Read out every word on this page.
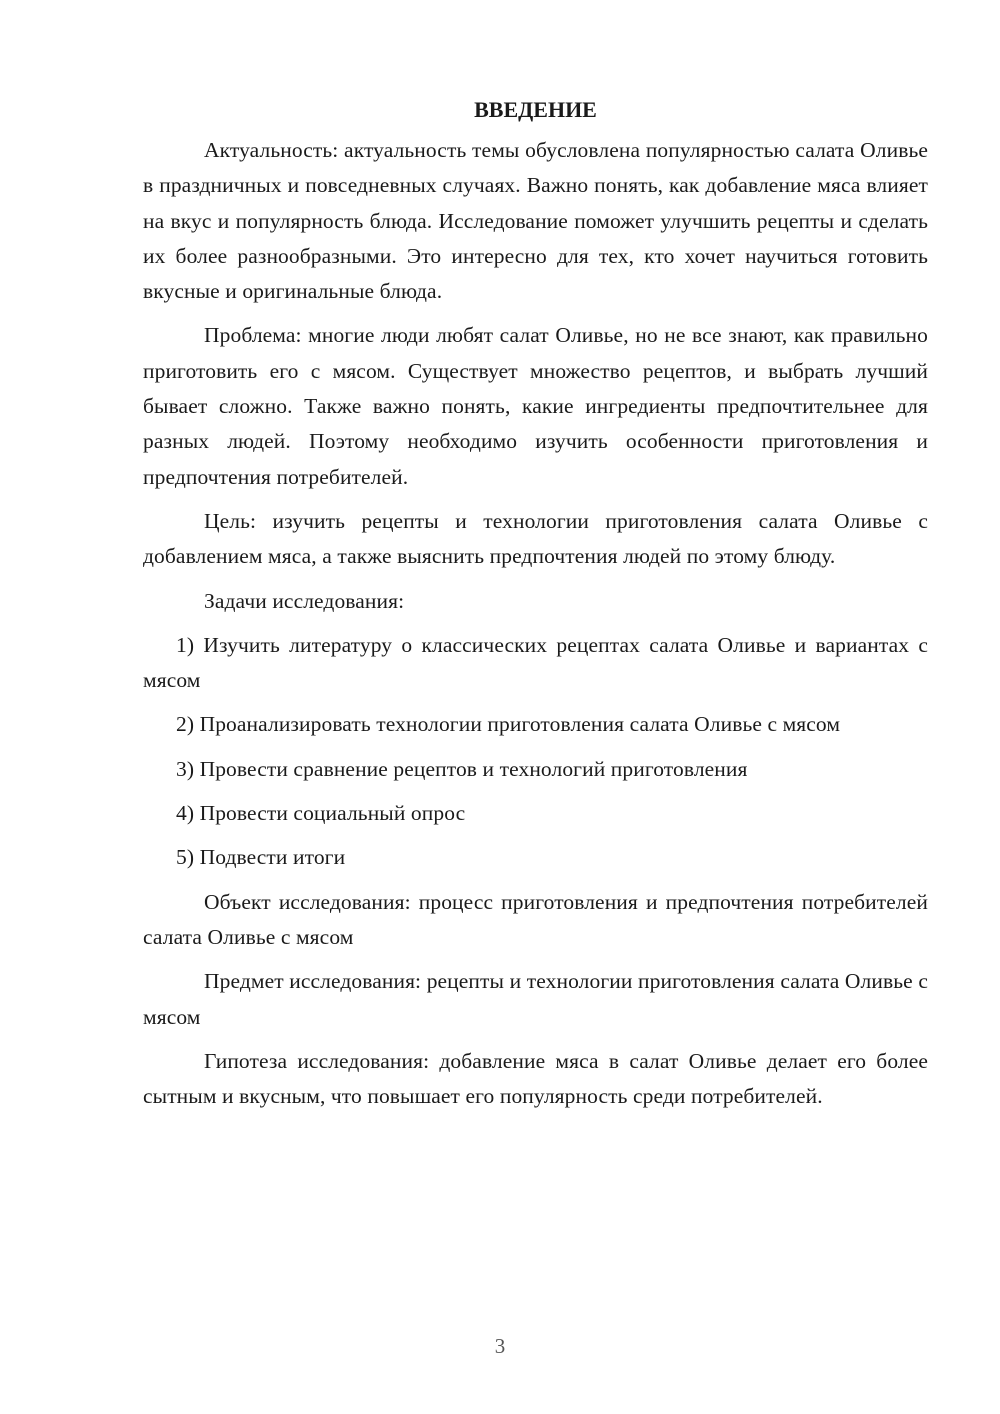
ВВЕДЕНИЕ

Актуальность: актуальность темы обусловлена популярностью салата Оливье в праздничных и повседневных случаях. Важно понять, как добавление мяса влияет на вкус и популярность блюда. Исследование поможет улучшить рецепты и сделать их более разнообразными. Это интересно для тех, кто хочет научиться готовить вкусные и оригинальные блюда.

Проблема: многие люди любят салат Оливье, но не все знают, как правильно приготовить его с мясом. Существует множество рецептов, и выбрать лучший бывает сложно. Также важно понять, какие ингредиенты предпочтительнее для разных людей. Поэтому необходимо изучить особенности приготовления и предпочтения потребителей.

Цель: изучить рецепты и технологии приготовления салата Оливье с добавлением мяса, а также выяснить предпочтения людей по этому блюду.

Задачи исследования:

1) Изучить литературу о классических рецептах салата Оливье и вариантах с мясом

2) Проанализировать технологии приготовления салата Оливье с мясом

3) Провести сравнение рецептов и технологий приготовления

4) Провести социальный опрос

5) Подвести итоги

Объект исследования: процесс приготовления и предпочтения потребителей салата Оливье с мясом

Предмет исследования: рецепты и технологии приготовления салата Оливье с мясом

Гипотеза исследования: добавление мяса в салат Оливье делает его более сытным и вкусным, что повышает его популярность среди потребителей.

3
